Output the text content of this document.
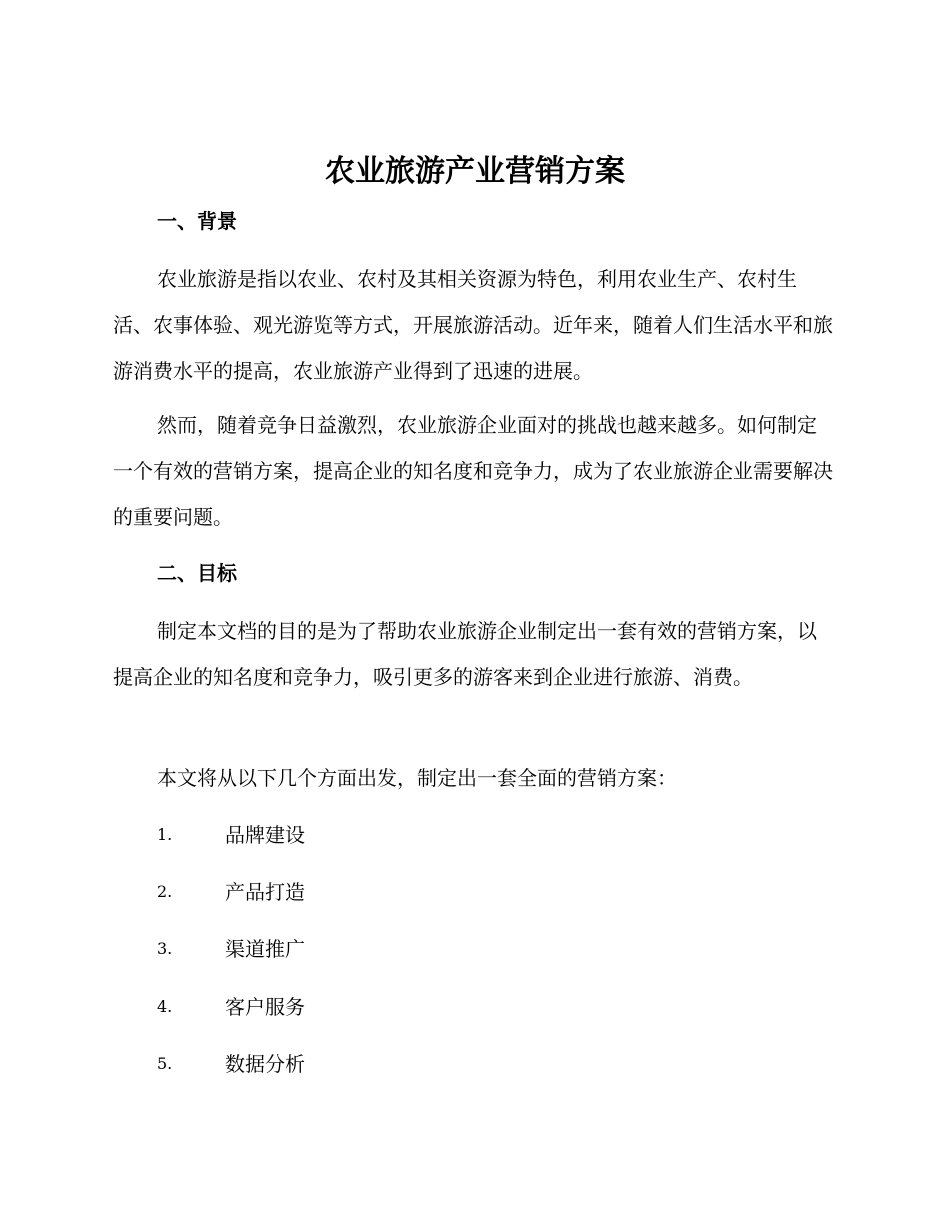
农业旅游产业营销方案
一、背景

农业旅游是指以农业、农村及其相关资源为特色，利用农业生产、农村生活、农事体验、观光游览等方式，开展旅游活动。近年来，随着人们生活水平和旅游消费水平的提高，农业旅游产业得到了迅速的进展。

然而，随着竞争日益激烈，农业旅游企业面对的挑战也越来越多。如何制定一个有效的营销方案，提高企业的知名度和竞争力，成为了农业旅游企业需要解决的重要问题。

二、目标

制定本文档的目的是为了帮助农业旅游企业制定出一套有效的营销方案，以提高企业的知名度和竞争力，吸引更多的游客来到企业进行旅游、消费。

本文将从以下几个方面出发，制定出一套全面的营销方案：

1.	品牌建设
2.	产品打造
3.	渠道推广
4.	客户服务
5.	数据分析
